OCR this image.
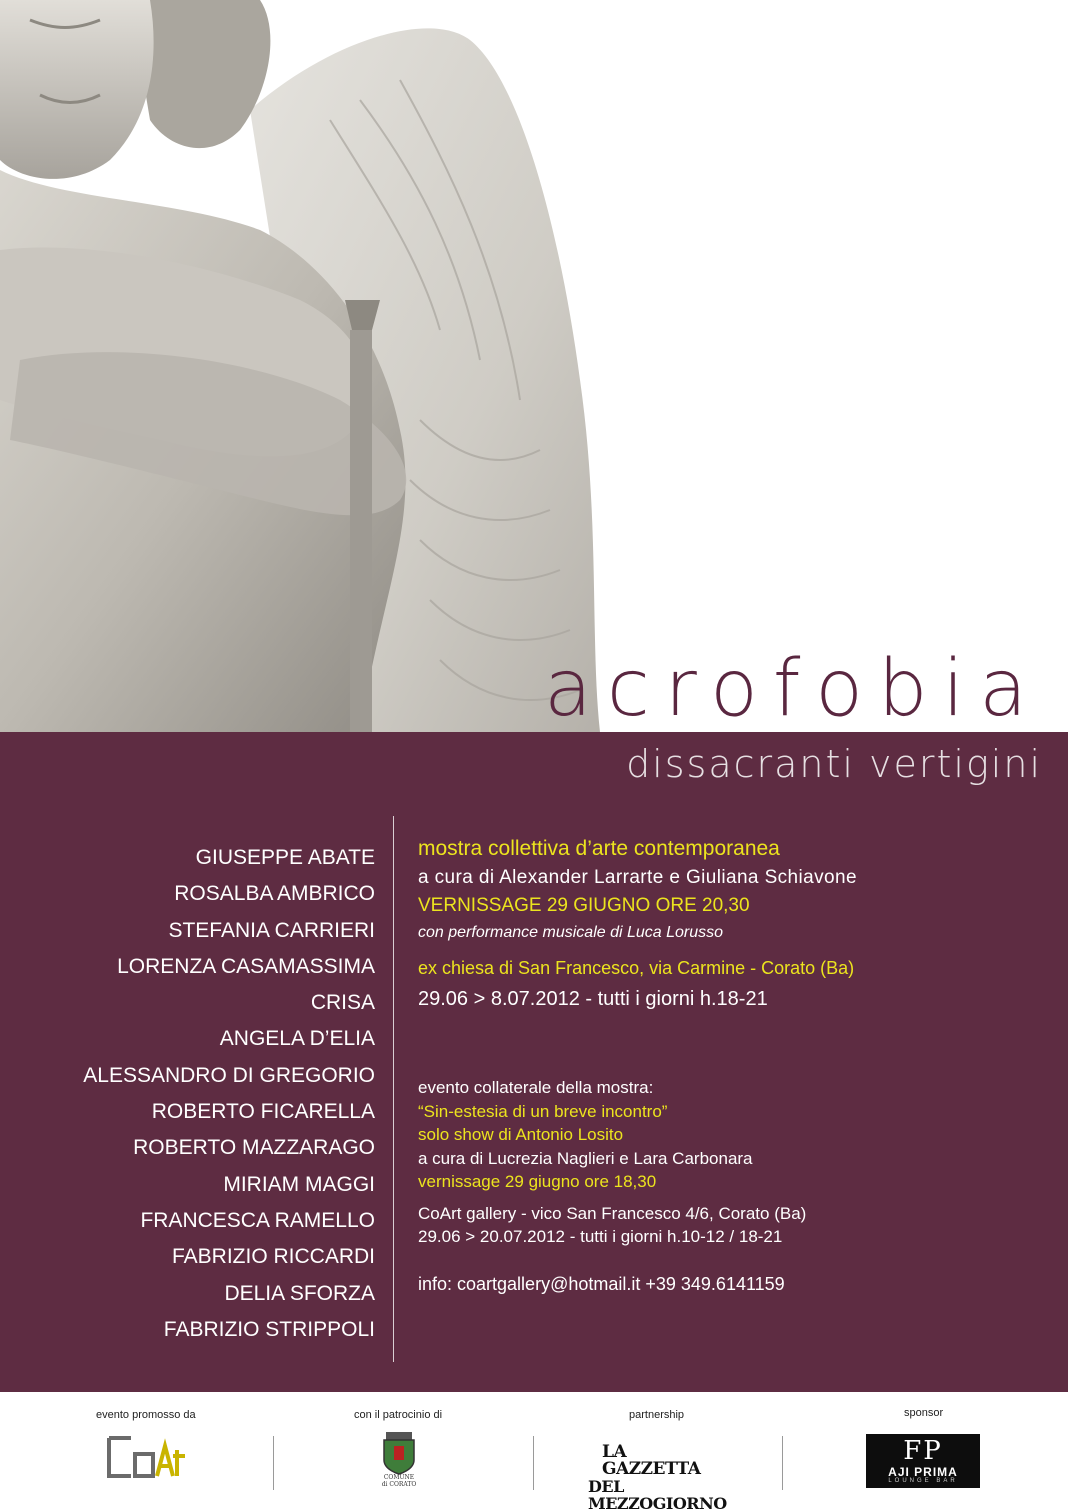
acrofobia
dissacranti vertigini
GIUSEPPE ABATE
ROSALBA AMBRICO
STEFANIA CARRIERI
LORENZA CASAMASSIMA
CRISA
ANGELA D’ELIA
ALESSANDRO DI GREGORIO
ROBERTO FICARELLA
ROBERTO MAZZARAGO
MIRIAM MAGGI
FRANCESCA RAMELLO
FABRIZIO RICCARDI
DELIA SFORZA
FABRIZIO STRIPPOLI
mostra collettiva d’arte contemporanea
a cura di Alexander Larrarte e Giuliana Schiavone
VERNISSAGE 29 GIUGNO ORE 20,30
con performance musicale di Luca Lorusso
ex chiesa di San Francesco, via Carmine - Corato (Ba)
29.06 > 8.07.2012 - tutti i giorni h.18-21
evento collaterale della mostra:
“Sin-estesia di un breve incontro”
solo show di Antonio Losito
a cura di Lucrezia Naglieri e Lara Carbonara
vernissage 29 giugno ore 18,30
CoArt gallery - vico San Francesco 4/6, Corato (Ba)
29.06 > 20.07.2012 - tutti i giorni h.10-12 / 18-21
info: coartgallery@hotmail.it +39 349.6141159
evento promosso da	con il patrocinio di	partnership	sponsor
COMUNE
di CORATO
LA GAZZETTA
DEL MEZZOGIORNO
FP
AJI PRIMA
LOUNGE BAR
